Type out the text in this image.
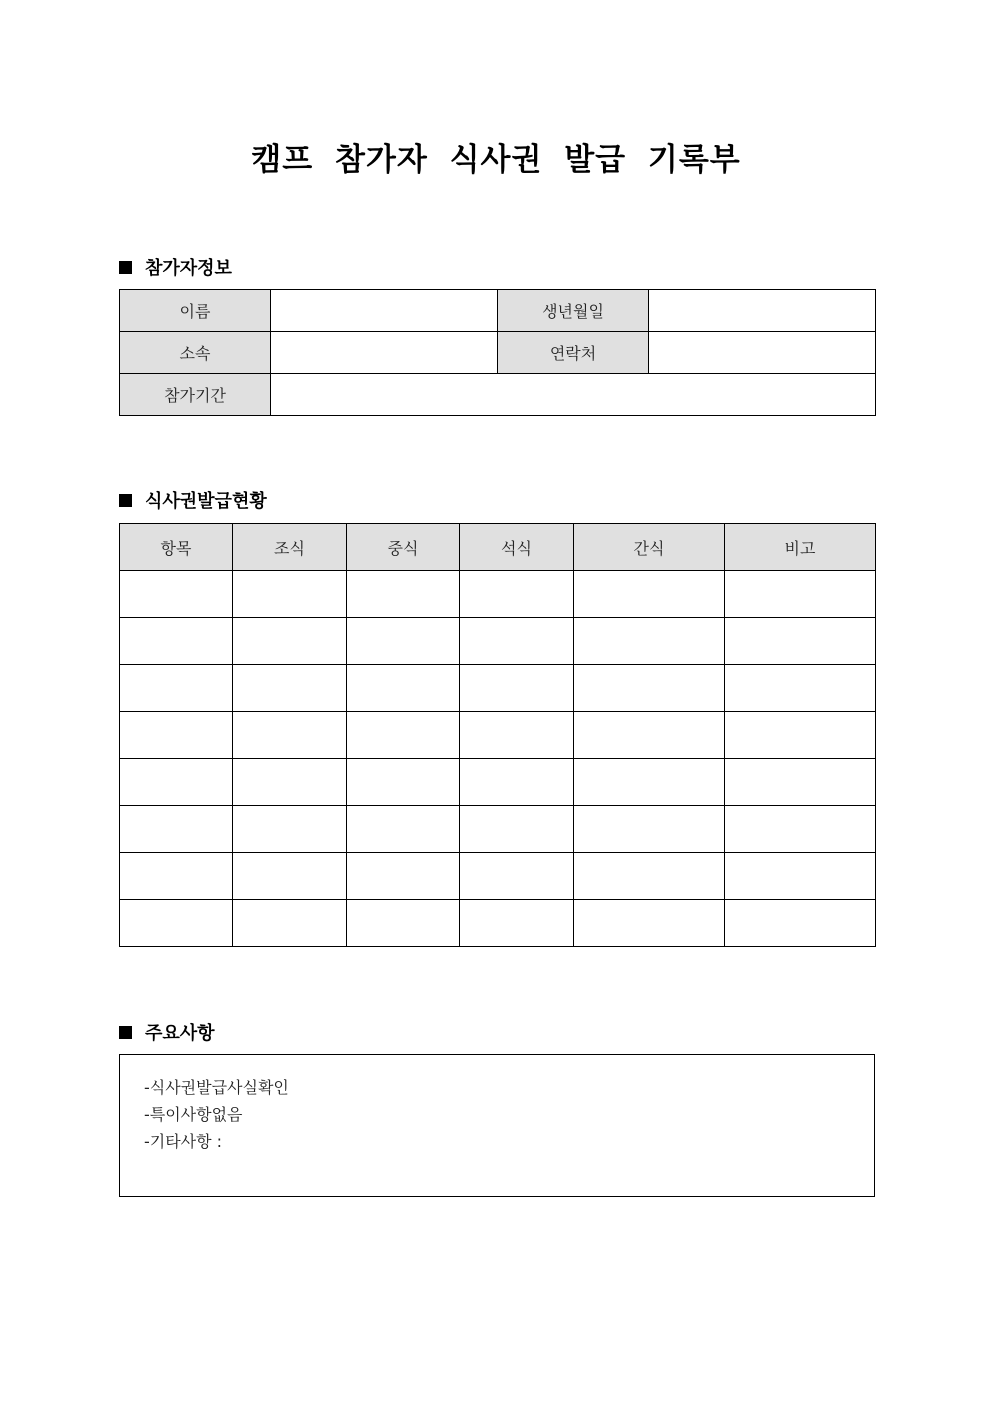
캠프 참가자 식사권 발급 기록부
참가자정보
이름		생년월일	
소속		연락처	
참가기간			
식사권발급현황
항목	조식	중식	석식	간식	비고

주요사항
-식사권발급사실확인
-특이사항없음
-기타사항 :
